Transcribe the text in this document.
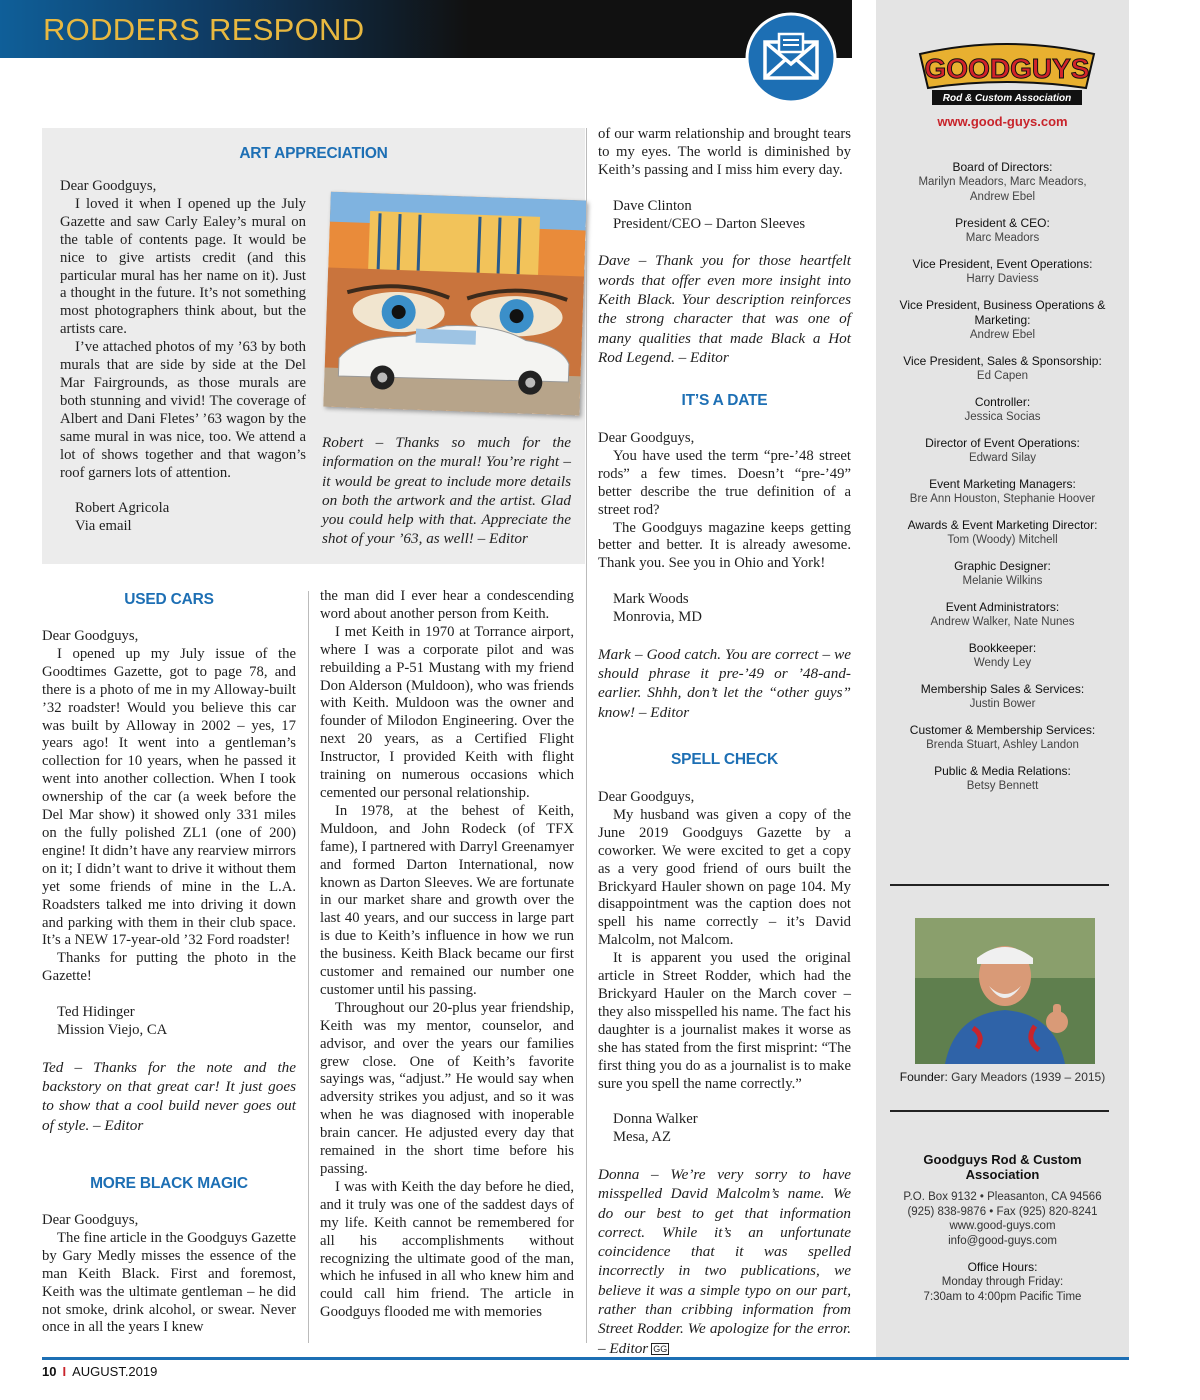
RODDERS RESPOND
GOODGUYS
Rod & Custom Association
www.good-guys.com
Board of Directors:
Marilyn Meadors, Marc Meadors, Andrew Ebel
President & CEO:
Marc Meadors
Vice President, Event Operations:
Harry Daviess
Vice President, Business Operations & Marketing:
Andrew Ebel
Vice President, Sales & Sponsorship:
Ed Capen
Controller:
Jessica Socias
Director of Event Operations:
Edward Silay
Event Marketing Managers:
Bre Ann Houston, Stephanie Hoover
Awards & Event Marketing Director:
Tom (Woody) Mitchell
Graphic Designer:
Melanie Wilkins
Event Administrators:
Andrew Walker, Nate Nunes
Bookkeeper:
Wendy Ley
Membership Sales & Services:
Justin Bower
Customer & Membership Services:
Brenda Stuart, Ashley Landon
Public & Media Relations:
Betsy Bennett
Founder: Gary Meadors (1939 – 2015)
Goodguys Rod & Custom Association
P.O. Box 9132 • Pleasanton, CA 94566
(925) 838-9876 • Fax (925) 820-8241
www.good-guys.com
info@good-guys.com
Office Hours:
Monday through Friday:
7:30am to 4:00pm Pacific Time
ART APPRECIATION

Dear Goodguys,

I loved it when I opened up the July Gazette and saw Carly Ealey’s mural on the table of contents page. It would be nice to give artists credit (and this particular mural has her name on it). Just a thought in the future. It’s not something most photographers think about, but the artists care.

I’ve attached photos of my ’63 by both murals that are side by side at the Del Mar Fairgrounds, as those murals are both stunning and vivid! The coverage of Albert and Dani Fletes’ ’63 wagon by the same mural in was nice, too. We attend a lot of shows together and that wagon’s roof garners lots of attention.

Robert Agricola

Via email

Robert – Thanks so much for the information on the mural! You’re right – it would be great to include more details on both the artwork and the artist. Glad you could help with that. Appreciate the shot of your ’63, as well! – Editor
USED CARS

Dear Goodguys,

I opened up my July issue of the Goodtimes Gazette, got to page 78, and there is a photo of me in my Alloway-built ’32 roadster! Would you believe this car was built by Alloway in 2002 – yes, 17 years ago! It went into a gentleman’s collection for 10 years, when he passed it went into another collection. When I took ownership of the car (a week before the Del Mar show) it showed only 331 miles on the fully polished ZL1 (one of 200) engine! It didn’t have any rearview mirrors on it; I didn’t want to drive it without them yet some friends of mine in the L.A. Roadsters talked me into driving it down and parking with them in their club space. It’s a NEW 17-year-old ’32 Ford roadster!

Thanks for putting the photo in the Gazette!

Ted Hidinger

Mission Viejo, CA

Ted – Thanks for the note and the backstory on that great car! It just goes to show that a cool build never goes out of style. – Editor

MORE BLACK MAGIC

Dear Goodguys,

The fine article in the Goodguys Gazette by Gary Medly misses the essence of the man Keith Black. First and foremost, Keith was the ultimate gentleman – he did not smoke, drink alcohol, or swear. Never once in all the years I knew

the man did I ever hear a condescending word about another person from Keith.

I met Keith in 1970 at Torrance airport, where I was a corporate pilot and was rebuilding a P-51 Mustang with my friend Don Alderson (Muldoon), who was friends with Keith. Muldoon was the owner and founder of Milodon Engineering. Over the next 20 years, as a Certified Flight Instructor, I provided Keith with flight training on numerous occasions which cemented our personal relationship.

In 1978, at the behest of Keith, Muldoon, and John Rodeck (of TFX fame), I partnered with Darryl Greenamyer and formed Darton International, now known as Darton Sleeves. We are fortunate in our market share and growth over the last 40 years, and our success in large part is due to Keith’s influence in how we run the business. Keith Black became our first customer and remained our number one customer until his passing.

Throughout our 20-plus year friendship, Keith was my mentor, counselor, and advisor, and over the years our families grew close. One of Keith’s favorite sayings was, “adjust.” He would say when adversity strikes you adjust, and so it was when he was diagnosed with inoperable brain cancer. He adjusted every day that remained in the short time before his passing.

I was with Keith the day before he died, and it truly was one of the saddest days of my life. Keith cannot be remembered for all his accomplishments without recognizing the ultimate good of the man, which he infused in all who knew him and could call him friend. The article in Goodguys flooded me with memories

of our warm relationship and brought tears to my eyes. The world is diminished by Keith’s passing and I miss him every day.

Dave Clinton

President/CEO – Darton Sleeves

Dave – Thank you for those heartfelt words that offer even more insight into Keith Black. Your description reinforces the strong character that was one of many qualities that made Black a Hot Rod Legend. – Editor

IT’S A DATE

Dear Goodguys,

You have used the term “pre-’48 street rods” a few times. Doesn’t “pre-’49” better describe the true definition of a street rod?

The Goodguys magazine keeps getting better and better. It is already awesome. Thank you. See you in Ohio and York!

Mark Woods

Monrovia, MD

Mark – Good catch. You are correct – we should phrase it pre-’49 or ’48-and-earlier. Shhh, don’t let the “other guys” know! – Editor

SPELL CHECK

Dear Goodguys,

My husband was given a copy of the June 2019 Goodguys Gazette by a coworker. We were excited to get a copy as a very good friend of ours built the Brickyard Hauler shown on page 104. My disappointment was the caption does not spell his name correctly – it’s David Malcolm, not Malcom.

It is apparent you used the original article in Street Rodder, which had the Brickyard Hauler on the March cover – they also misspelled his name. The fact his daughter is a journalist makes it worse as she has stated from the first misprint: “The first thing you do as a journalist is to make sure you spell the name correctly.”

Donna Walker

Mesa, AZ

Donna – We’re very sorry to have misspelled David Malcolm’s name. We do our best to get that information correct. While it’s an unfortunate coincidence that it was spelled incorrectly in two publications, we believe it was a simple typo on our part, rather than cribbing information from Street Rodder. We apologize for the error. – Editor GG

10 I AUGUST.2019
